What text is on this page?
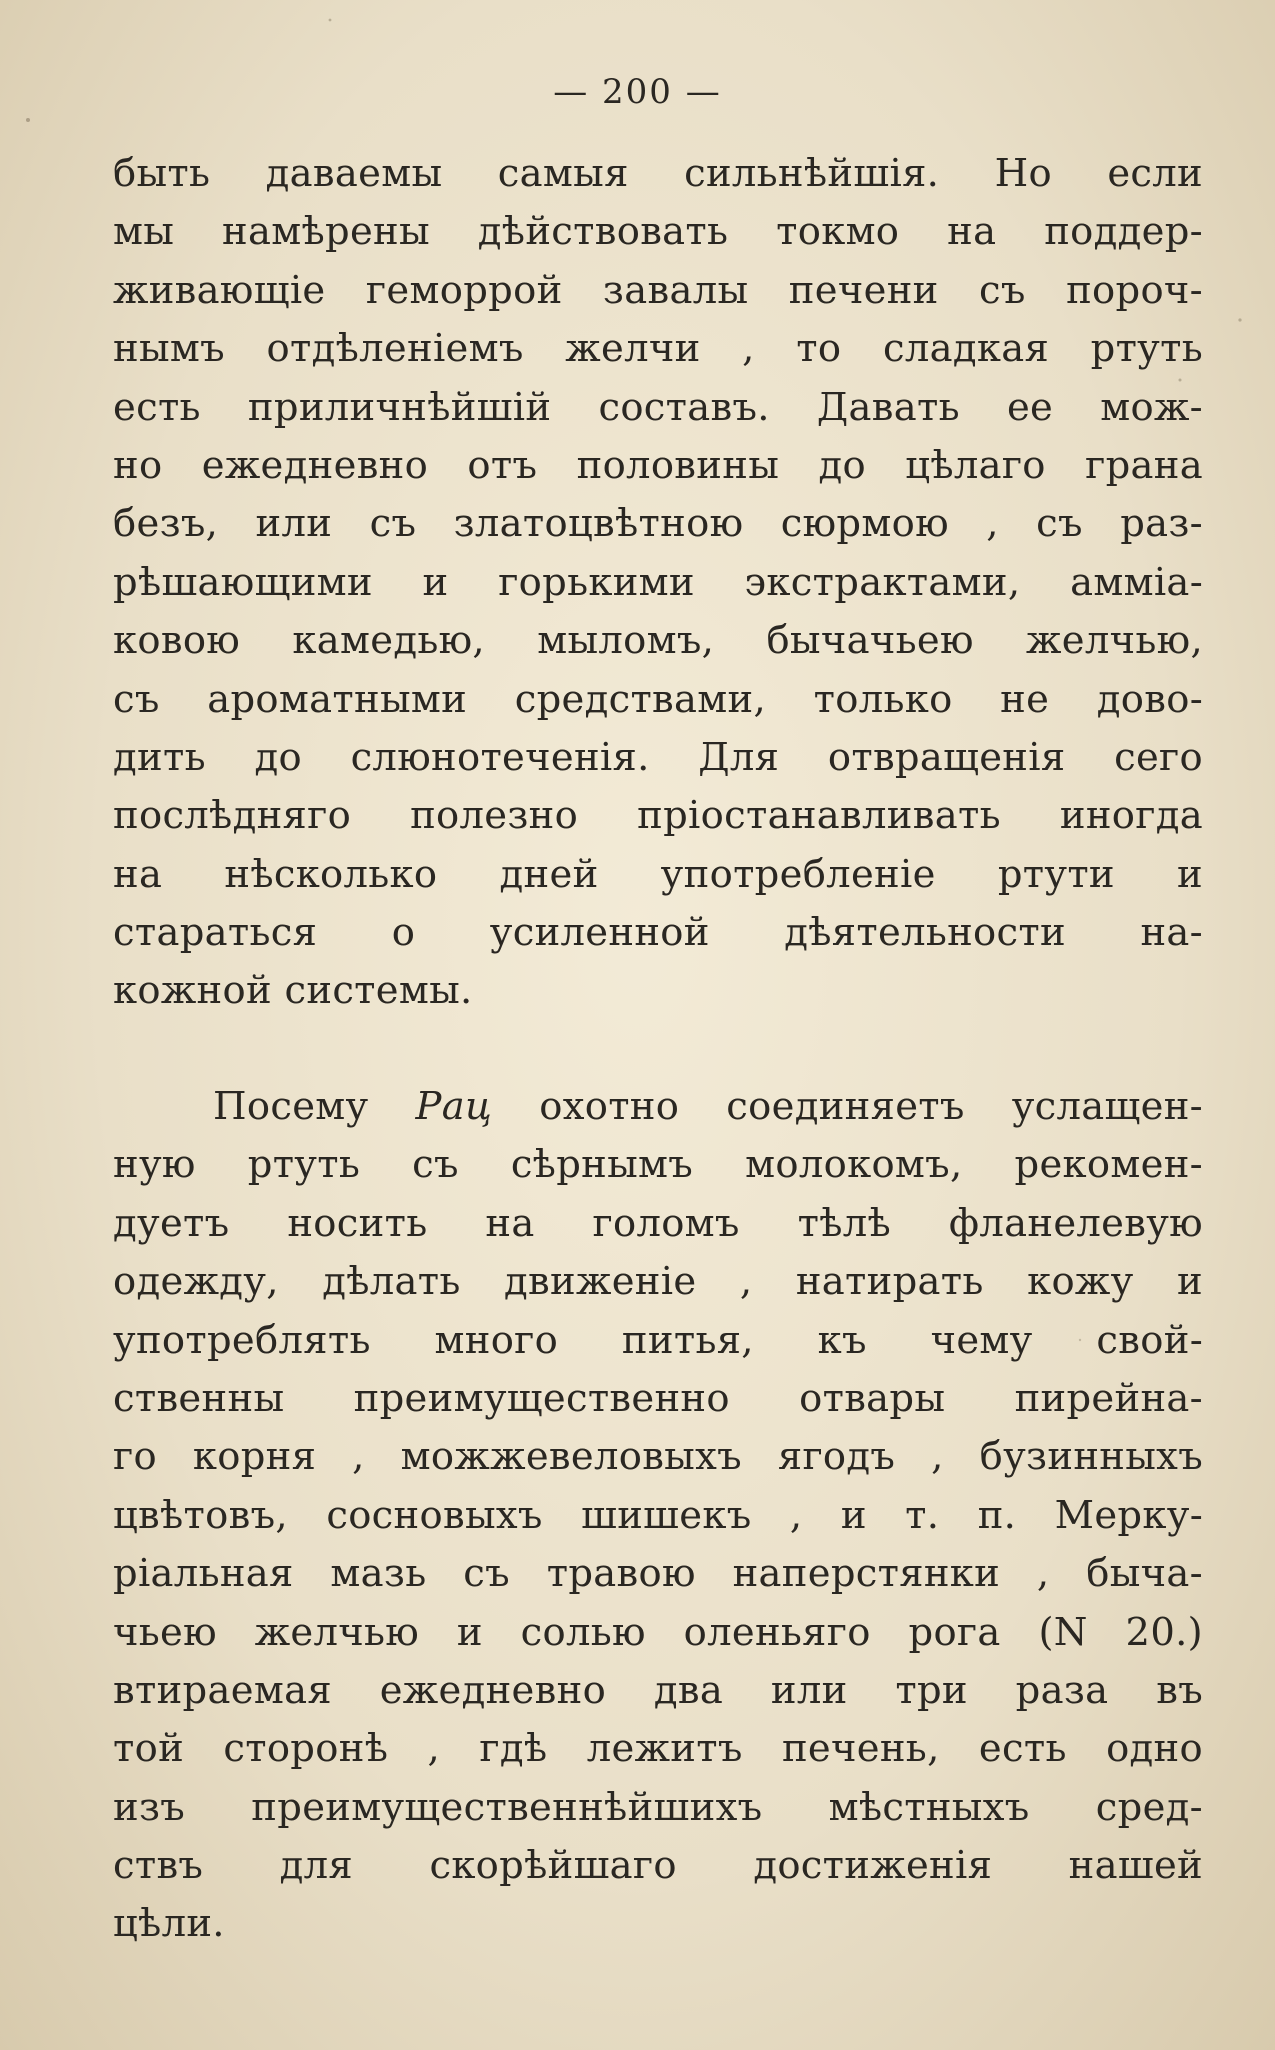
— 200 —
быть даваемы самыя сильнѣйшія. Но если
мы намѣрены дѣйствовать токмо на поддер-
живающіе геморрой завалы печени съ пороч-
нымъ отдѣленіемъ желчи , то сладкая ртуть
есть приличнѣйшій составъ. Давать ее мож-
но ежедневно отъ половины до цѣлаго грана
безъ, или съ златоцвѣтною сюрмою , съ раз-
рѣшающими и горькими экстрактами, амміа-
ковою камедью, мыломъ, бычачьею желчью,
съ ароматными средствами, только не дово-
дить до слюнотеченія. Для отвращенія сего
послѣдняго полезно пріостанавливать иногда
на нѣсколько дней употребленіе ртути и
стараться о усиленной дѣятельности на-
кожной системы.
Посему Рац охотно соединяетъ услащен-
ную ртуть съ сѣрнымъ молокомъ, рекомен-
дуетъ носить на голомъ тѣлѣ фланелевую
одежду, дѣлать движеніе , натирать кожу и
употреблять много питья, къ чему свой-
ственны преимущественно отвары пирейна-
го корня , можжевеловыхъ ягодъ , бузинныхъ
цвѣтовъ, сосновыхъ шишекъ , и т. п. Мерку-
ріальная мазь съ травою наперстянки , быча-
чьею желчью и солью оленьяго рога (N 20.)
втираемая ежедневно два или три раза въ
той сторонѣ , гдѣ лежитъ печень, есть одно
изъ преимущественнѣйшихъ мѣстныхъ сред-
ствъ для скорѣйшаго достиженія нашей
цѣли.
